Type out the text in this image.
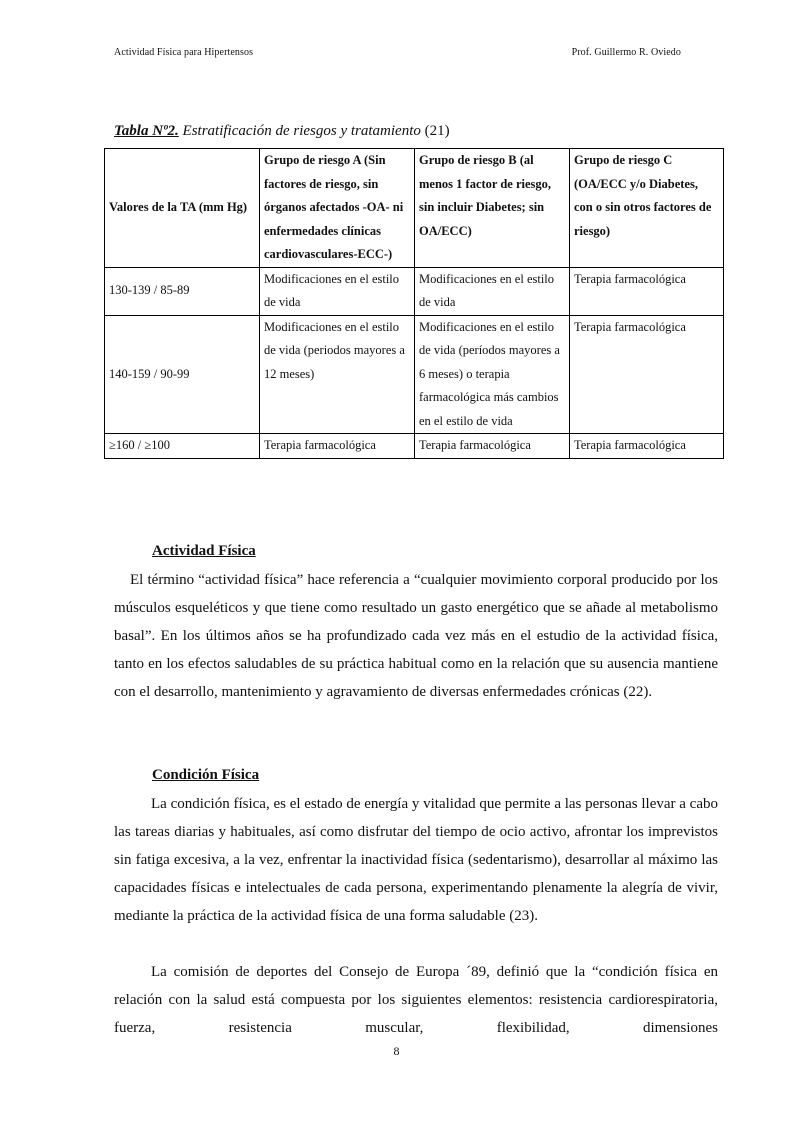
Actividad Física para Hipertensos	Prof. Guillermo R. Oviedo
Tabla Nº2. Estratificación de riesgos y tratamiento (21)
Valores de la TA (mm Hg)	Grupo de riesgo A (Sin factores de riesgo, sin órganos afectados -OA- ni enfermedades clínicas cardiovasculares-ECC-)	Grupo de riesgo B (al menos 1 factor de riesgo, sin incluir Diabetes; sin OA/ECC)	Grupo de riesgo C (OA/ECC y/o Diabetes, con o sin otros factores de riesgo)
130-139 / 85-89	Modificaciones en el estilo de vida	Modificaciones en el estilo de vida	Terapia farmacológica
140-159 / 90-99	Modificaciones en el estilo de vida (periodos mayores a 12 meses)	Modificaciones en el estilo de vida (períodos mayores a 6 meses) o terapia farmacológica más cambios en el estilo de vida	Terapia farmacológica
≥160 / ≥100	Terapia farmacológica	Terapia farmacológica	Terapia farmacológica
Actividad Física
El término “actividad física” hace referencia a “cualquier movimiento corporal producido por los músculos esqueléticos y que tiene como resultado un gasto energético que se añade al metabolismo basal”. En los últimos años se ha profundizado cada vez más en el estudio de la actividad física, tanto en los efectos saludables de su práctica habitual como en la relación que su ausencia mantiene con el desarrollo, mantenimiento y agravamiento de diversas enfermedades crónicas (22).
Condición Física
La condición física, es el estado de energía y vitalidad que permite a las personas llevar a cabo las tareas diarias y habituales, así como disfrutar del tiempo de ocio activo, afrontar los imprevistos sin fatiga excesiva, a la vez, enfrentar la inactividad física (sedentarismo), desarrollar al máximo las capacidades físicas e intelectuales de cada persona, experimentando plenamente la alegría de vivir, mediante la práctica de la actividad física de una forma saludable (23).
La comisión de deportes del Consejo de Europa ´89, definió que la “condición física en relación con la salud está compuesta por los siguientes elementos: resistencia cardiorespiratoria, fuerza, resistencia muscular, flexibilidad, dimensiones
8
